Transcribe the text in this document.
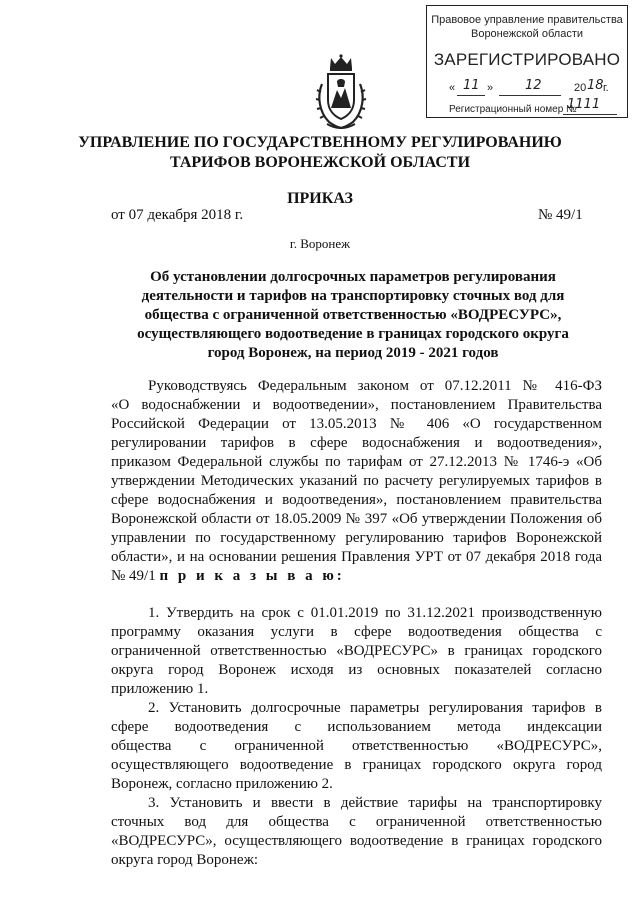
Правовое управление правительства
Воронежской области
ЗАРЕГИСТРИРОВАНО
« 11 » 12	20 18 г.
Регистрационный номер №
1111
УПРАВЛЕНИЕ ПО ГОСУДАРСТВЕННОМУ РЕГУЛИРОВАНИЮ
ТАРИФОВ ВОРОНЕЖСКОЙ ОБЛАСТИ
ПРИКАЗ
от 07 декабря 2018 г.	№ 49/1
г. Воронеж
Об установлении долгосрочных параметров регулирования
деятельности и тарифов на транспортировку сточных вод для
общества с ограниченной ответственностью «ВОДРЕСУРС»,
осуществляющего водоотведение в границах городского округа
город Воронеж, на период 2019 - 2021 годов
Руководствуясь Федеральным законом от 07.12.2011 № 416-ФЗ
«О водоснабжении и водоотведении», постановлением Правительства
Российской Федерации от 13.05.2013 № 406 «О государственном
регулировании тарифов в сфере водоснабжения и водоотведения»,
приказом Федеральной службы по тарифам от 27.12.2013 № 1746-э «Об
утверждении Методических указаний по расчету регулируемых тарифов в
сфере водоснабжения и водоотведения», постановлением правительства
Воронежской области от 18.05.2009 № 397 «Об утверждении Положения об
управлении по государственному регулированию тарифов Воронежской
области», и на основании решения Правления УРТ от 07 декабря 2018 года
№ 49/1 п р и к а з ы в а ю:
1. Утвердить на срок с 01.01.2019 по 31.12.2021 производственную
программу оказания услуги в сфере водоотведения общества с
ограниченной ответственностью «ВОДРЕСУРС» в границах городского
округа город Воронеж исходя из основных показателей согласно
приложению 1.
2. Установить долгосрочные параметры регулирования тарифов в
сфере водоотведения с использованием метода индексации
общества с ограниченной ответственностью «ВОДРЕСУРС»,
осуществляющего водоотведение в границах городского округа город
Воронеж, согласно приложению 2.
3. Установить и ввести в действие тарифы на транспортировку
сточных вод для общества с ограниченной ответственностью
«ВОДРЕСУРС», осуществляющего водоотведение в границах городского
округа город Воронеж:
